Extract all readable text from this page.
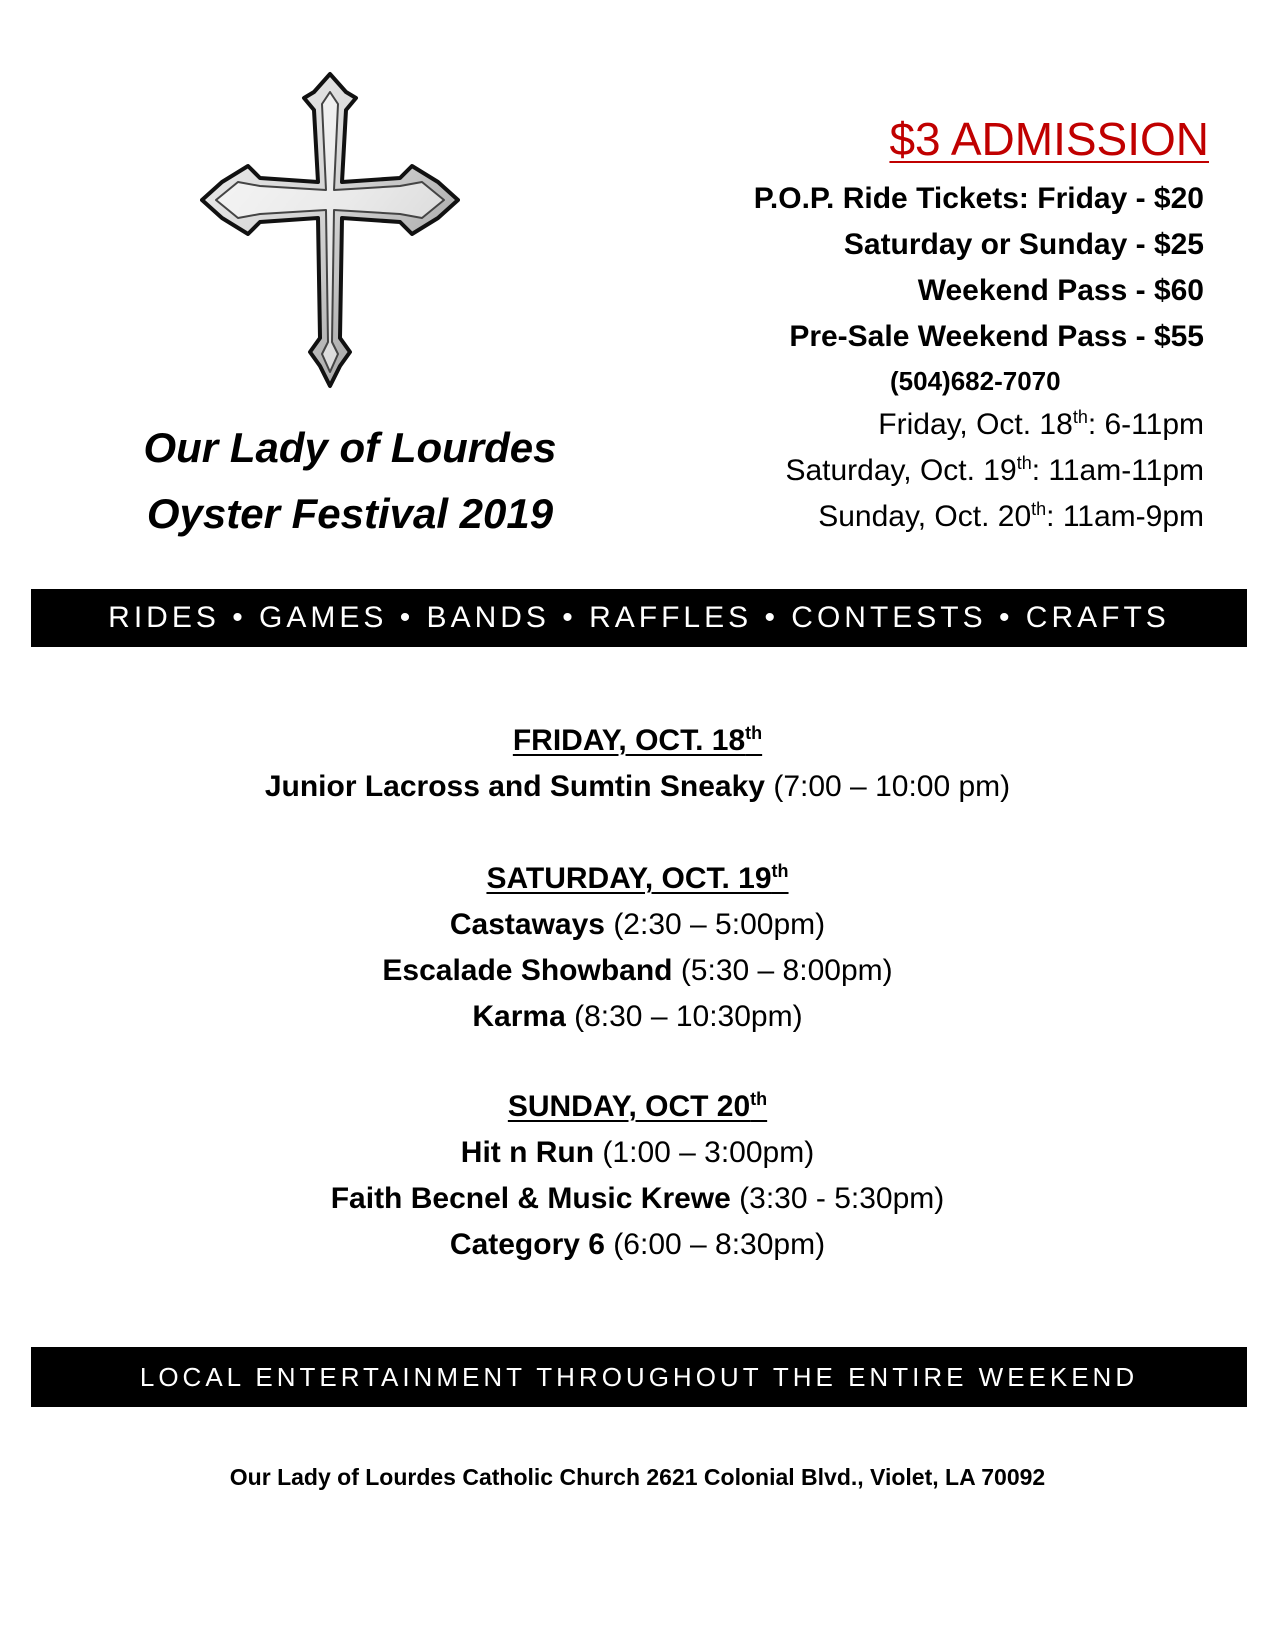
Our Lady of Lourdes
Oyster Festival 2019
$3 ADMISSION
P.O.P. Ride Tickets: Friday - $20
Saturday or Sunday - $25
Weekend Pass - $60
Pre-Sale Weekend Pass - $55
(504)682-7070
Friday, Oct. 18th: 6-11pm
Saturday, Oct. 19th: 11am-11pm
Sunday, Oct. 20th: 11am-9pm
RIDES • GAMES • BANDS • RAFFLES • CONTESTS • CRAFTS
FRIDAY, OCT. 18th
Junior Lacross and Sumtin Sneaky (7:00 – 10:00 pm)
SATURDAY, OCT. 19th
Castaways (2:30 – 5:00pm)
Escalade Showband (5:30 – 8:00pm)
Karma (8:30 – 10:30pm)
SUNDAY, OCT 20th
Hit n Run (1:00 – 3:00pm)
Faith Becnel & Music Krewe (3:30 - 5:30pm)
Category 6 (6:00 – 8:30pm)
LOCAL ENTERTAINMENT THROUGHOUT THE ENTIRE WEEKEND
Our Lady of Lourdes Catholic Church 2621 Colonial Blvd., Violet, LA 70092
